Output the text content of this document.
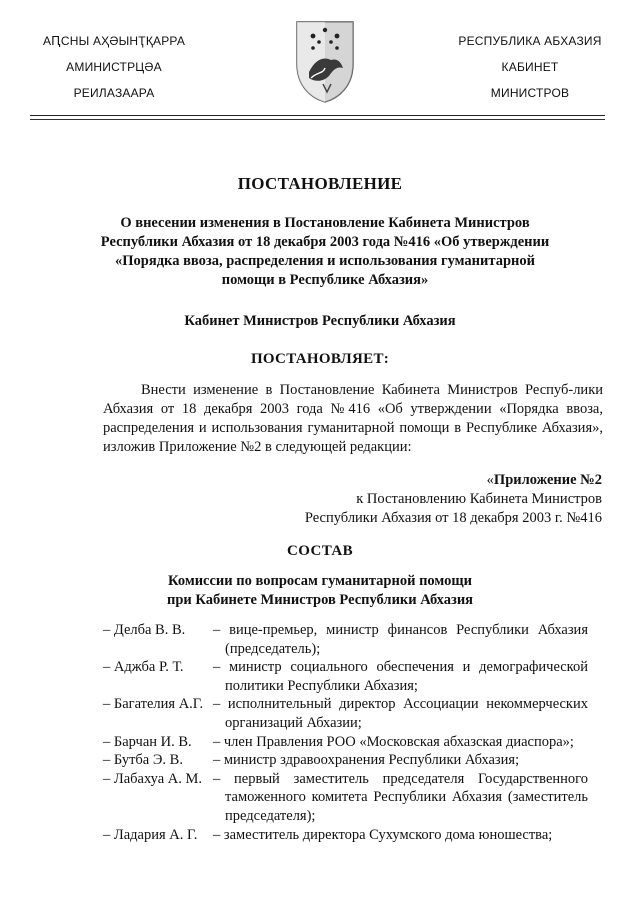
АԤСНЫ АҲӘЫНҬҚАРРА
АМИНИСТРЦӘА
РЕИЛАЗААРА
РЕСПУБЛИКА АБХАЗИЯ
КАБИНЕТ
МИНИСТРОВ
ПОСТАНОВЛЕНИЕ
О внесении изменения в Постановление Кабинета Министров
Республики Абхазия от 18 декабря 2003 года №416 «Об утверждении
«Порядка ввоза, распределения и использования гуманитарной
помощи в Республике Абхазия»
Кабинет Министров Республики Абхазия
ПОСТАНОВЛЯЕТ:
Внести изменение в Постановление Кабинета Министров Респуб-лики Абхазия от 18 декабря 2003 года №416 «Об утверждении «Порядка ввоза, распределения и использования гуманитарной помощи в Республике Абхазия», изложив Приложение №2 в следующей редакции:
«Приложение №2
к Постановлению Кабинета Министров
Республики Абхазия от 18 декабря 2003 г. №416
СОСТАВ
Комиссии по вопросам гуманитарной помощи
при Кабинете Министров Республики Абхазия
– Делба В. В.	– вице-премьер, министр финансов Республики Абхазия (председатель);
– Аджба Р. Т.	– министр социального обеспечения и демографической политики Республики Абхазия;
– Багателия А.Г. – исполнительный директор Ассоциации некоммерческих организаций Абхазии;
– Барчан И. В.	– член Правления РОО «Московская абхазская диаспора»;
– Бутба Э. В.	– министр здравоохранения Республики Абхазия;
– Лабахуа А. М. – первый заместитель председателя Государственного таможенного комитета Республики Абхазия (заместитель председателя);
– Ладария А. Г.	– заместитель директора Сухумского дома юношества;
